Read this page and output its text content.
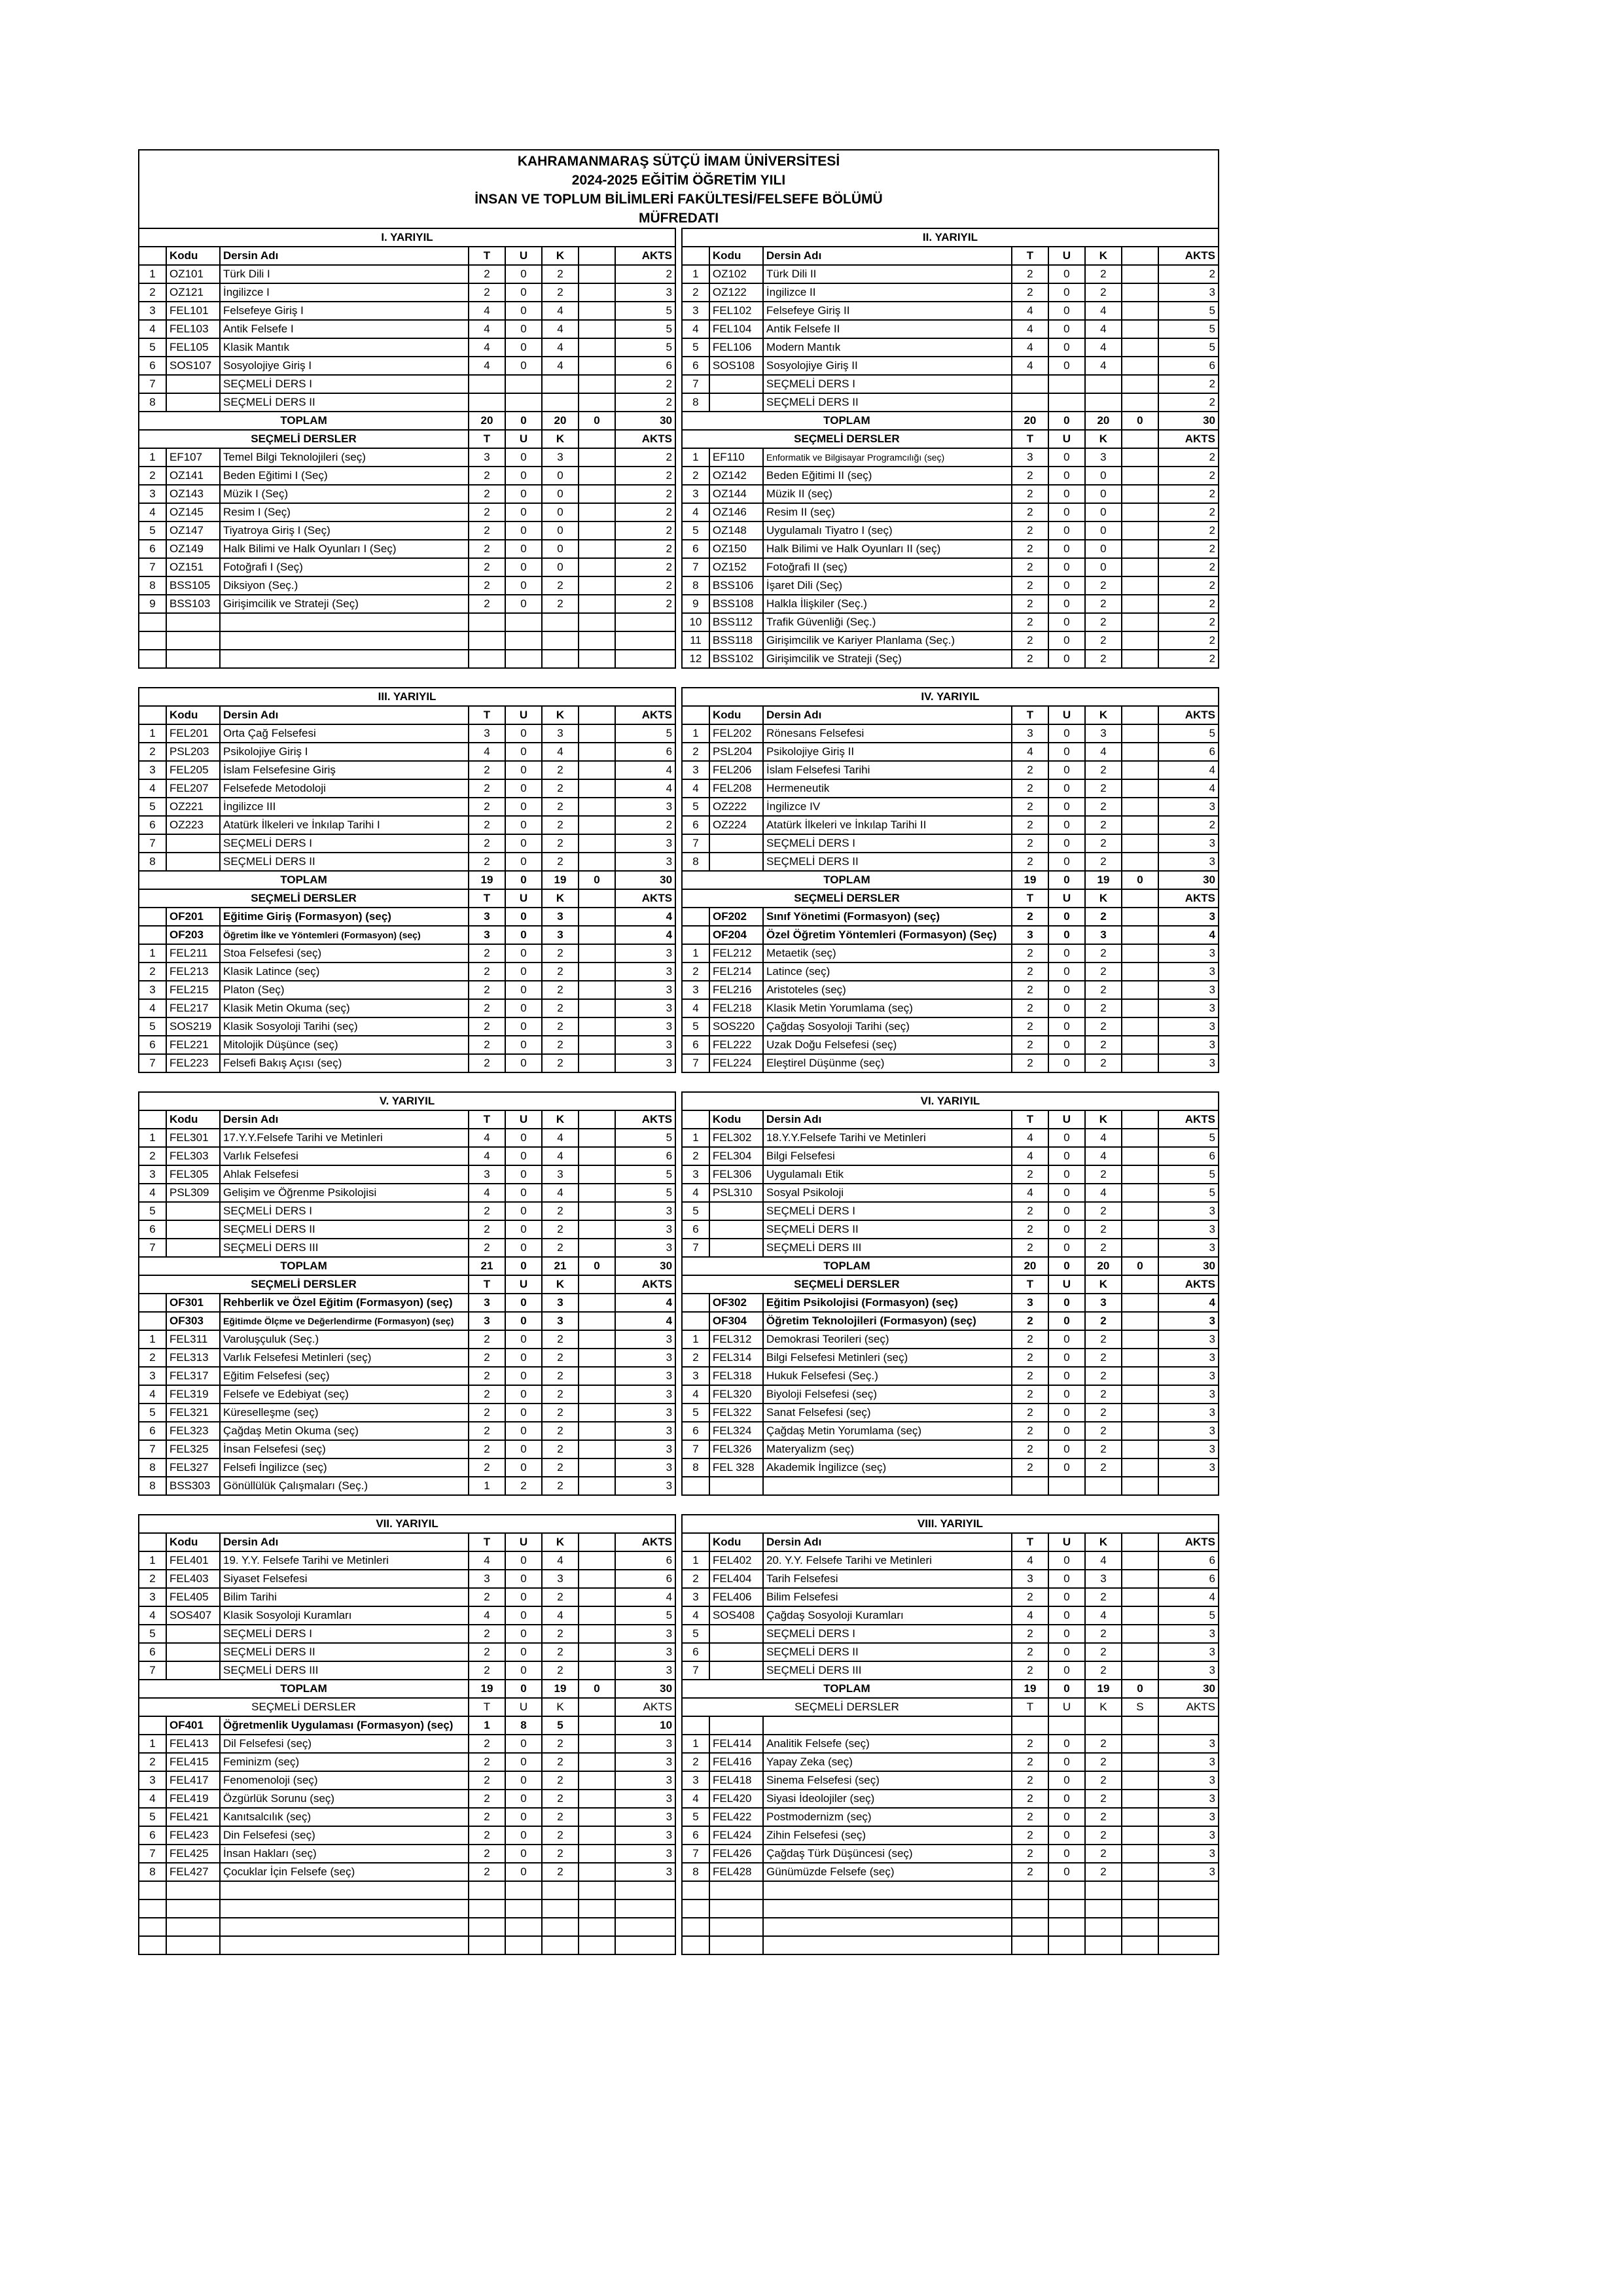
KAHRAMANMARAŞ SÜTÇÜ İMAM ÜNİVERSİTESİ
2024-2025 EĞİTİM ÖĞRETİM YILI
İNSAN VE TOPLUM BİLİMLERİ FAKÜLTESİ/FELSEFE BÖLÜMÜ
MÜFREDATI
I. YARIYIL							
	Kodu	Dersin Adı	T	U	K		AKTS
1	OZ101	Türk Dili I	2	0	2		2
2	OZ121	İngilizce I	2	0	2		3
3	FEL101	Felsefeye Giriş I	4	0	4		5
4	FEL103	Antik Felsefe I	4	0	4		5
5	FEL105	Klasik Mantık	4	0	4		5
6	SOS107	Sosyolojiye Giriş I	4	0	4		6
7		SEÇMELİ DERS I					2
8		SEÇMELİ DERS II					2
TOPLAM			20	0	20	0	30
SEÇMELİ DERSLER			T	U	K		AKTS
1	EF107	Temel Bilgi Teknolojileri (seç)	3	0	3		2
2	OZ141	Beden Eğitimi I (Seç)	2	0	0		2
3	OZ143	Müzik I (Seç)	2	0	0		2
4	OZ145	Resim I (Seç)	2	0	0		2
5	OZ147	Tiyatroya Giriş I (Seç)	2	0	0		2
6	OZ149	Halk Bilimi ve Halk Oyunları I (Seç)	2	0	0		2
7	OZ151	Fotoğrafi I (Seç)	2	0	0		2
8	BSS105	Diksiyon (Seç.)	2	0	2		2
9	BSS103	Girişimcilik ve Strateji (Seç)	2	0	2		2

II. YARIYIL							
	Kodu	Dersin Adı	T	U	K		AKTS
1	OZ102	Türk Dili II	2	0	2		2
2	OZ122	İngilizce II	2	0	2		3
3	FEL102	Felsefeye Giriş II	4	0	4		5
4	FEL104	Antik Felsefe II	4	0	4		5
5	FEL106	Modern Mantık	4	0	4		5
6	SOS108	Sosyolojiye Giriş II	4	0	4		6
7		SEÇMELİ DERS I					2
8		SEÇMELİ DERS II					2
TOPLAM			20	0	20	0	30
SEÇMELİ DERSLER			T	U	K		AKTS
1	EF110	Enformatik ve Bilgisayar Programcılığı (seç)	3	0	3		2
2	OZ142	Beden Eğitimi II (seç)	2	0	0		2
3	OZ144	Müzik II (seç)	2	0	0		2
4	OZ146	Resim II (seç)	2	0	0		2
5	OZ148	Uygulamalı Tiyatro I (seç)	2	0	0		2
6	OZ150	Halk Bilimi ve Halk Oyunları II (seç)	2	0	0		2
7	OZ152	Fotoğrafi II (seç)	2	0	0		2
8	BSS106	İşaret Dili (Seç)	2	0	2		2
9	BSS108	Halkla İlişkiler (Seç.)	2	0	2		2
10	BSS112	Trafik Güvenliği (Seç.)	2	0	2		2
11	BSS118	Girişimcilik ve Kariyer Planlama (Seç.)	2	0	2		2
12	BSS102	Girişimcilik ve Strateji (Seç)	2	0	2		2
III. YARIYIL							
	Kodu	Dersin Adı	T	U	K		AKTS
1	FEL201	Orta Çağ Felsefesi	3	0	3		5
2	PSL203	Psikolojiye Giriş I	4	0	4		6
3	FEL205	İslam Felsefesine Giriş	2	0	2		4
4	FEL207	Felsefede Metodoloji	2	0	2		4
5	OZ221	İngilizce III	2	0	2		3
6	OZ223	Atatürk İlkeleri ve İnkılap Tarihi I	2	0	2		2
7		SEÇMELİ DERS I	2	0	2		3
8		SEÇMELİ DERS II	2	0	2		3
TOPLAM			19	0	19	0	30
SEÇMELİ DERSLER			T	U	K		AKTS
	OF201	Eğitime Giriş (Formasyon) (seç)	3	0	3		4
	OF203	Öğretim İlke ve Yöntemleri (Formasyon) (seç)	3	0	3		4
1	FEL211	Stoa Felsefesi (seç)	2	0	2		3
2	FEL213	Klasik Latince (seç)	2	0	2		3
3	FEL215	Platon (Seç)	2	0	2		3
4	FEL217	Klasik Metin Okuma (seç)	2	0	2		3
5	SOS219	Klasik Sosyoloji Tarihi (seç)	2	0	2		3
6	FEL221	Mitolojik Düşünce (seç)	2	0	2		3
7	FEL223	Felsefi Bakış Açısı (seç)	2	0	2		3
IV. YARIYIL							
	Kodu	Dersin Adı	T	U	K		AKTS
1	FEL202	Rönesans Felsefesi	3	0	3		5
2	PSL204	Psikolojiye Giriş II	4	0	4		6
3	FEL206	İslam Felsefesi Tarihi	2	0	2		4
4	FEL208	Hermeneutik	2	0	2		4
5	OZ222	İngilizce IV	2	0	2		3
6	OZ224	Atatürk İlkeleri ve İnkılap Tarihi II	2	0	2		2
7		SEÇMELİ DERS I	2	0	2		3
8		SEÇMELİ DERS II	2	0	2		3
TOPLAM			19	0	19	0	30
SEÇMELİ DERSLER			T	U	K		AKTS
	OF202	Sınıf Yönetimi (Formasyon) (seç)	2	0	2		3
	OF204	Özel Öğretim Yöntemleri (Formasyon) (Seç)	3	0	3		4
1	FEL212	Metaetik (seç)	2	0	2		3
2	FEL214	Latince (seç)	2	0	2		3
3	FEL216	Aristoteles (seç)	2	0	2		3
4	FEL218	Klasik Metin Yorumlama (seç)	2	0	2		3
5	SOS220	Çağdaş Sosyoloji Tarihi (seç)	2	0	2		3
6	FEL222	Uzak Doğu Felsefesi (seç)	2	0	2		3
7	FEL224	Eleştirel Düşünme (seç)	2	0	2		3
V. YARIYIL							
	Kodu	Dersin Adı	T	U	K		AKTS
1	FEL301	17.Y.Y.Felsefe Tarihi ve Metinleri	4	0	4		5
2	FEL303	Varlık Felsefesi	4	0	4		6
3	FEL305	Ahlak Felsefesi	3	0	3		5
4	PSL309	Gelişim ve Öğrenme Psikolojisi	4	0	4		5
5		SEÇMELİ DERS I	2	0	2		3
6		SEÇMELİ DERS II	2	0	2		3
7		SEÇMELİ DERS III	2	0	2		3
TOPLAM			21	0	21	0	30
SEÇMELİ DERSLER			T	U	K		AKTS
	OF301	Rehberlik ve Özel Eğitim (Formasyon) (seç)	3	0	3		4
	OF303	Eğitimde Ölçme ve Değerlendirme (Formasyon) (seç)	3	0	3		4
1	FEL311	Varoluşçuluk (Seç.)	2	0	2		3
2	FEL313	Varlık Felsefesi Metinleri (seç)	2	0	2		3
3	FEL317	Eğitim Felsefesi (seç)	2	0	2		3
4	FEL319	Felsefe ve Edebiyat (seç)	2	0	2		3
5	FEL321	Küreselleşme (seç)	2	0	2		3
6	FEL323	Çağdaş Metin Okuma (seç)	2	0	2		3
7	FEL325	İnsan Felsefesi (seç)	2	0	2		3
8	FEL327	Felsefi İngilizce (seç)	2	0	2		3
8	BSS303	Gönüllülük Çalışmaları (Seç.)	1	2	2		3
VI. YARIYIL							
	Kodu	Dersin Adı	T	U	K		AKTS
1	FEL302	18.Y.Y.Felsefe Tarihi ve Metinleri	4	0	4		5
2	FEL304	Bilgi Felsefesi	4	0	4		6
3	FEL306	Uygulamalı Etik	2	0	2		5
4	PSL310	Sosyal Psikoloji	4	0	4		5
5		SEÇMELİ DERS I	2	0	2		3
6		SEÇMELİ DERS II	2	0	2		3
7		SEÇMELİ DERS III	2	0	2		3
TOPLAM			20	0	20	0	30
SEÇMELİ DERSLER			T	U	K		AKTS
	OF302	Eğitim Psikolojisi (Formasyon) (seç)	3	0	3		4
	OF304	Öğretim Teknolojileri (Formasyon) (seç)	2	0	2		3
1	FEL312	Demokrasi Teorileri (seç)	2	0	2		3
2	FEL314	Bilgi Felsefesi Metinleri (seç)	2	0	2		3
3	FEL318	Hukuk Felsefesi (Seç.)	2	0	2		3
4	FEL320	Biyoloji Felsefesi (seç)	2	0	2		3
5	FEL322	Sanat Felsefesi (seç)	2	0	2		3
6	FEL324	Çağdaş Metin Yorumlama (seç)	2	0	2		3
7	FEL326	Materyalizm (seç)	2	0	2		3
8	FEL 328	Akademik İngilizce (seç)	2	0	2		3

VII. YARIYIL							
	Kodu	Dersin Adı	T	U	K		AKTS
1	FEL401	19. Y.Y. Felsefe Tarihi ve Metinleri	4	0	4		6
2	FEL403	Siyaset Felsefesi	3	0	3		6
3	FEL405	Bilim Tarihi	2	0	2		4
4	SOS407	Klasik Sosyoloji Kuramları	4	0	4		5
5		SEÇMELİ DERS I	2	0	2		3
6		SEÇMELİ DERS II	2	0	2		3
7		SEÇMELİ DERS III	2	0	2		3
TOPLAM			19	0	19	0	30
SEÇMELİ DERSLER			T	U	K		AKTS
	OF401	Öğretmenlik Uygulaması (Formasyon) (seç)	1	8	5		10
1	FEL413	Dil Felsefesi (seç)	2	0	2		3
2	FEL415	Feminizm (seç)	2	0	2		3
3	FEL417	Fenomenoloji (seç)	2	0	2		3
4	FEL419	Özgürlük Sorunu (seç)	2	0	2		3
5	FEL421	Kanıtsalcılık (seç)	2	0	2		3
6	FEL423	Din Felsefesi (seç)	2	0	2		3
7	FEL425	İnsan Hakları (seç)	2	0	2		3
8	FEL427	Çocuklar İçin Felsefe (seç)	2	0	2		3

VIII. YARIYIL							
	Kodu	Dersin Adı	T	U	K		AKTS
1	FEL402	20. Y.Y. Felsefe Tarihi ve Metinleri	4	0	4		6
2	FEL404	Tarih Felsefesi	3	0	3		6
3	FEL406	Bilim Felsefesi	2	0	2		4
4	SOS408	Çağdaş Sosyoloji Kuramları	4	0	4		5
5		SEÇMELİ DERS I	2	0	2		3
6		SEÇMELİ DERS II	2	0	2		3
7		SEÇMELİ DERS III	2	0	2		3
TOPLAM			19	0	19	0	30
SEÇMELİ DERSLER			T	U	K	S	AKTS

1	FEL414	Analitik Felsefe (seç)	2	0	2		3
2	FEL416	Yapay Zeka (seç)	2	0	2		3
3	FEL418	Sinema Felsefesi (seç)	2	0	2		3
4	FEL420	Siyasi İdeolojiler (seç)	2	0	2		3
5	FEL422	Postmodernizm (seç)	2	0	2		3
6	FEL424	Zihin Felsefesi (seç)	2	0	2		3
7	FEL426	Çağdaş Türk Düşüncesi (seç)	2	0	2		3
8	FEL428	Günümüzde Felsefe (seç)	2	0	2		3
